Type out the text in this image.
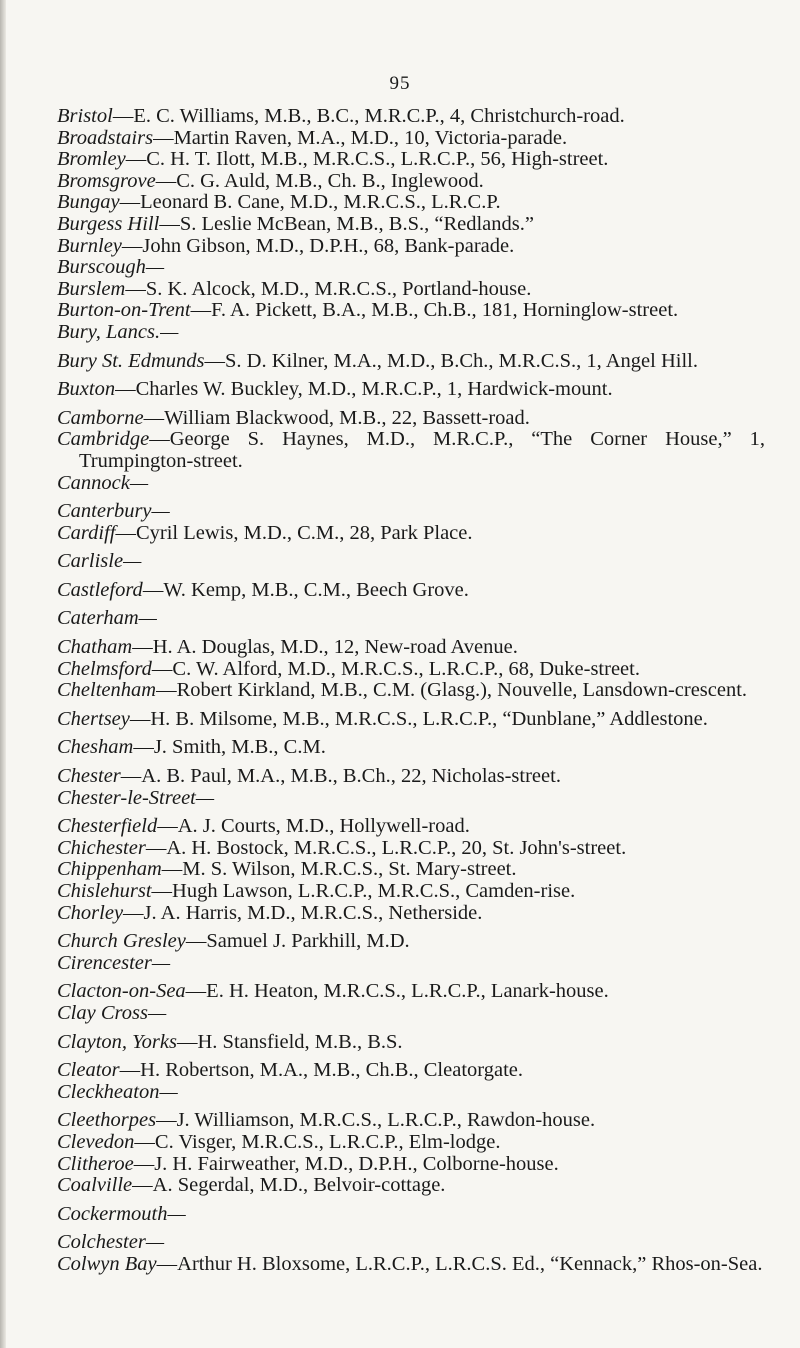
95
Bristol—E. C. Williams, M.B., B.C., M.R.C.P., 4, Christchurch-road.
Broadstairs—Martin Raven, M.A., M.D., 10, Victoria-parade.
Bromley—C. H. T. Ilott, M.B., M.R.C.S., L.R.C.P., 56, High-street.
Bromsgrove—C. G. Auld, M.B., Ch. B., Inglewood.
Bungay—Leonard B. Cane, M.D., M.R.C.S., L.R.C.P.
Burgess Hill—S. Leslie McBean, M.B., B.S., “Redlands.”
Burnley—John Gibson, M.D., D.P.H., 68, Bank-parade.
Burscough—
Burslem—S. K. Alcock, M.D., M.R.C.S., Portland-house.
Burton-on-Trent—F. A. Pickett, B.A., M.B., Ch.B., 181, Horninglow-street.
Bury, Lancs.—
Bury St. Edmunds—S. D. Kilner, M.A., M.D., B.Ch., M.R.C.S., 1, Angel Hill.
Buxton—Charles W. Buckley, M.D., M.R.C.P., 1, Hardwick-mount.
Camborne—William Blackwood, M.B., 22, Bassett-road.
Cambridge—George S. Haynes, M.D., M.R.C.P., “The Corner House,” 1, Trumpington-street.
Cannock—
Canterbury—
Cardiff—Cyril Lewis, M.D., C.M., 28, Park Place.
Carlisle—
Castleford—W. Kemp, M.B., C.M., Beech Grove.
Caterham—
Chatham—H. A. Douglas, M.D., 12, New-road Avenue.
Chelmsford—C. W. Alford, M.D., M.R.C.S., L.R.C.P., 68, Duke-street.
Cheltenham—Robert Kirkland, M.B., C.M. (Glasg.), Nouvelle, Lansdown-crescent.
Chertsey—H. B. Milsome, M.B., M.R.C.S., L.R.C.P., “Dunblane,” Addlestone.
Chesham—J. Smith, M.B., C.M.
Chester—A. B. Paul, M.A., M.B., B.Ch., 22, Nicholas-street.
Chester-le-Street—
Chesterfield—A. J. Courts, M.D., Hollywell-road.
Chichester—A. H. Bostock, M.R.C.S., L.R.C.P., 20, St. John's-street.
Chippenham—M. S. Wilson, M.R.C.S., St. Mary-street.
Chislehurst—Hugh Lawson, L.R.C.P., M.R.C.S., Camden-rise.
Chorley—J. A. Harris, M.D., M.R.C.S., Netherside.
Church Gresley—Samuel J. Parkhill, M.D.
Cirencester—
Clacton-on-Sea—E. H. Heaton, M.R.C.S., L.R.C.P., Lanark-house.
Clay Cross—
Clayton, Yorks—H. Stansfield, M.B., B.S.
Cleator—H. Robertson, M.A., M.B., Ch.B., Cleatorgate.
Cleckheaton—
Cleethorpes—J. Williamson, M.R.C.S., L.R.C.P., Rawdon-house.
Clevedon—C. Visger, M.R.C.S., L.R.C.P., Elm-lodge.
Clitheroe—J. H. Fairweather, M.D., D.P.H., Colborne-house.
Coalville—A. Segerdal, M.D., Belvoir-cottage.
Cockermouth—
Colchester—
Colwyn Bay—Arthur H. Bloxsome, L.R.C.P., L.R.C.S. Ed., “Kennack,” Rhos-on-Sea.
